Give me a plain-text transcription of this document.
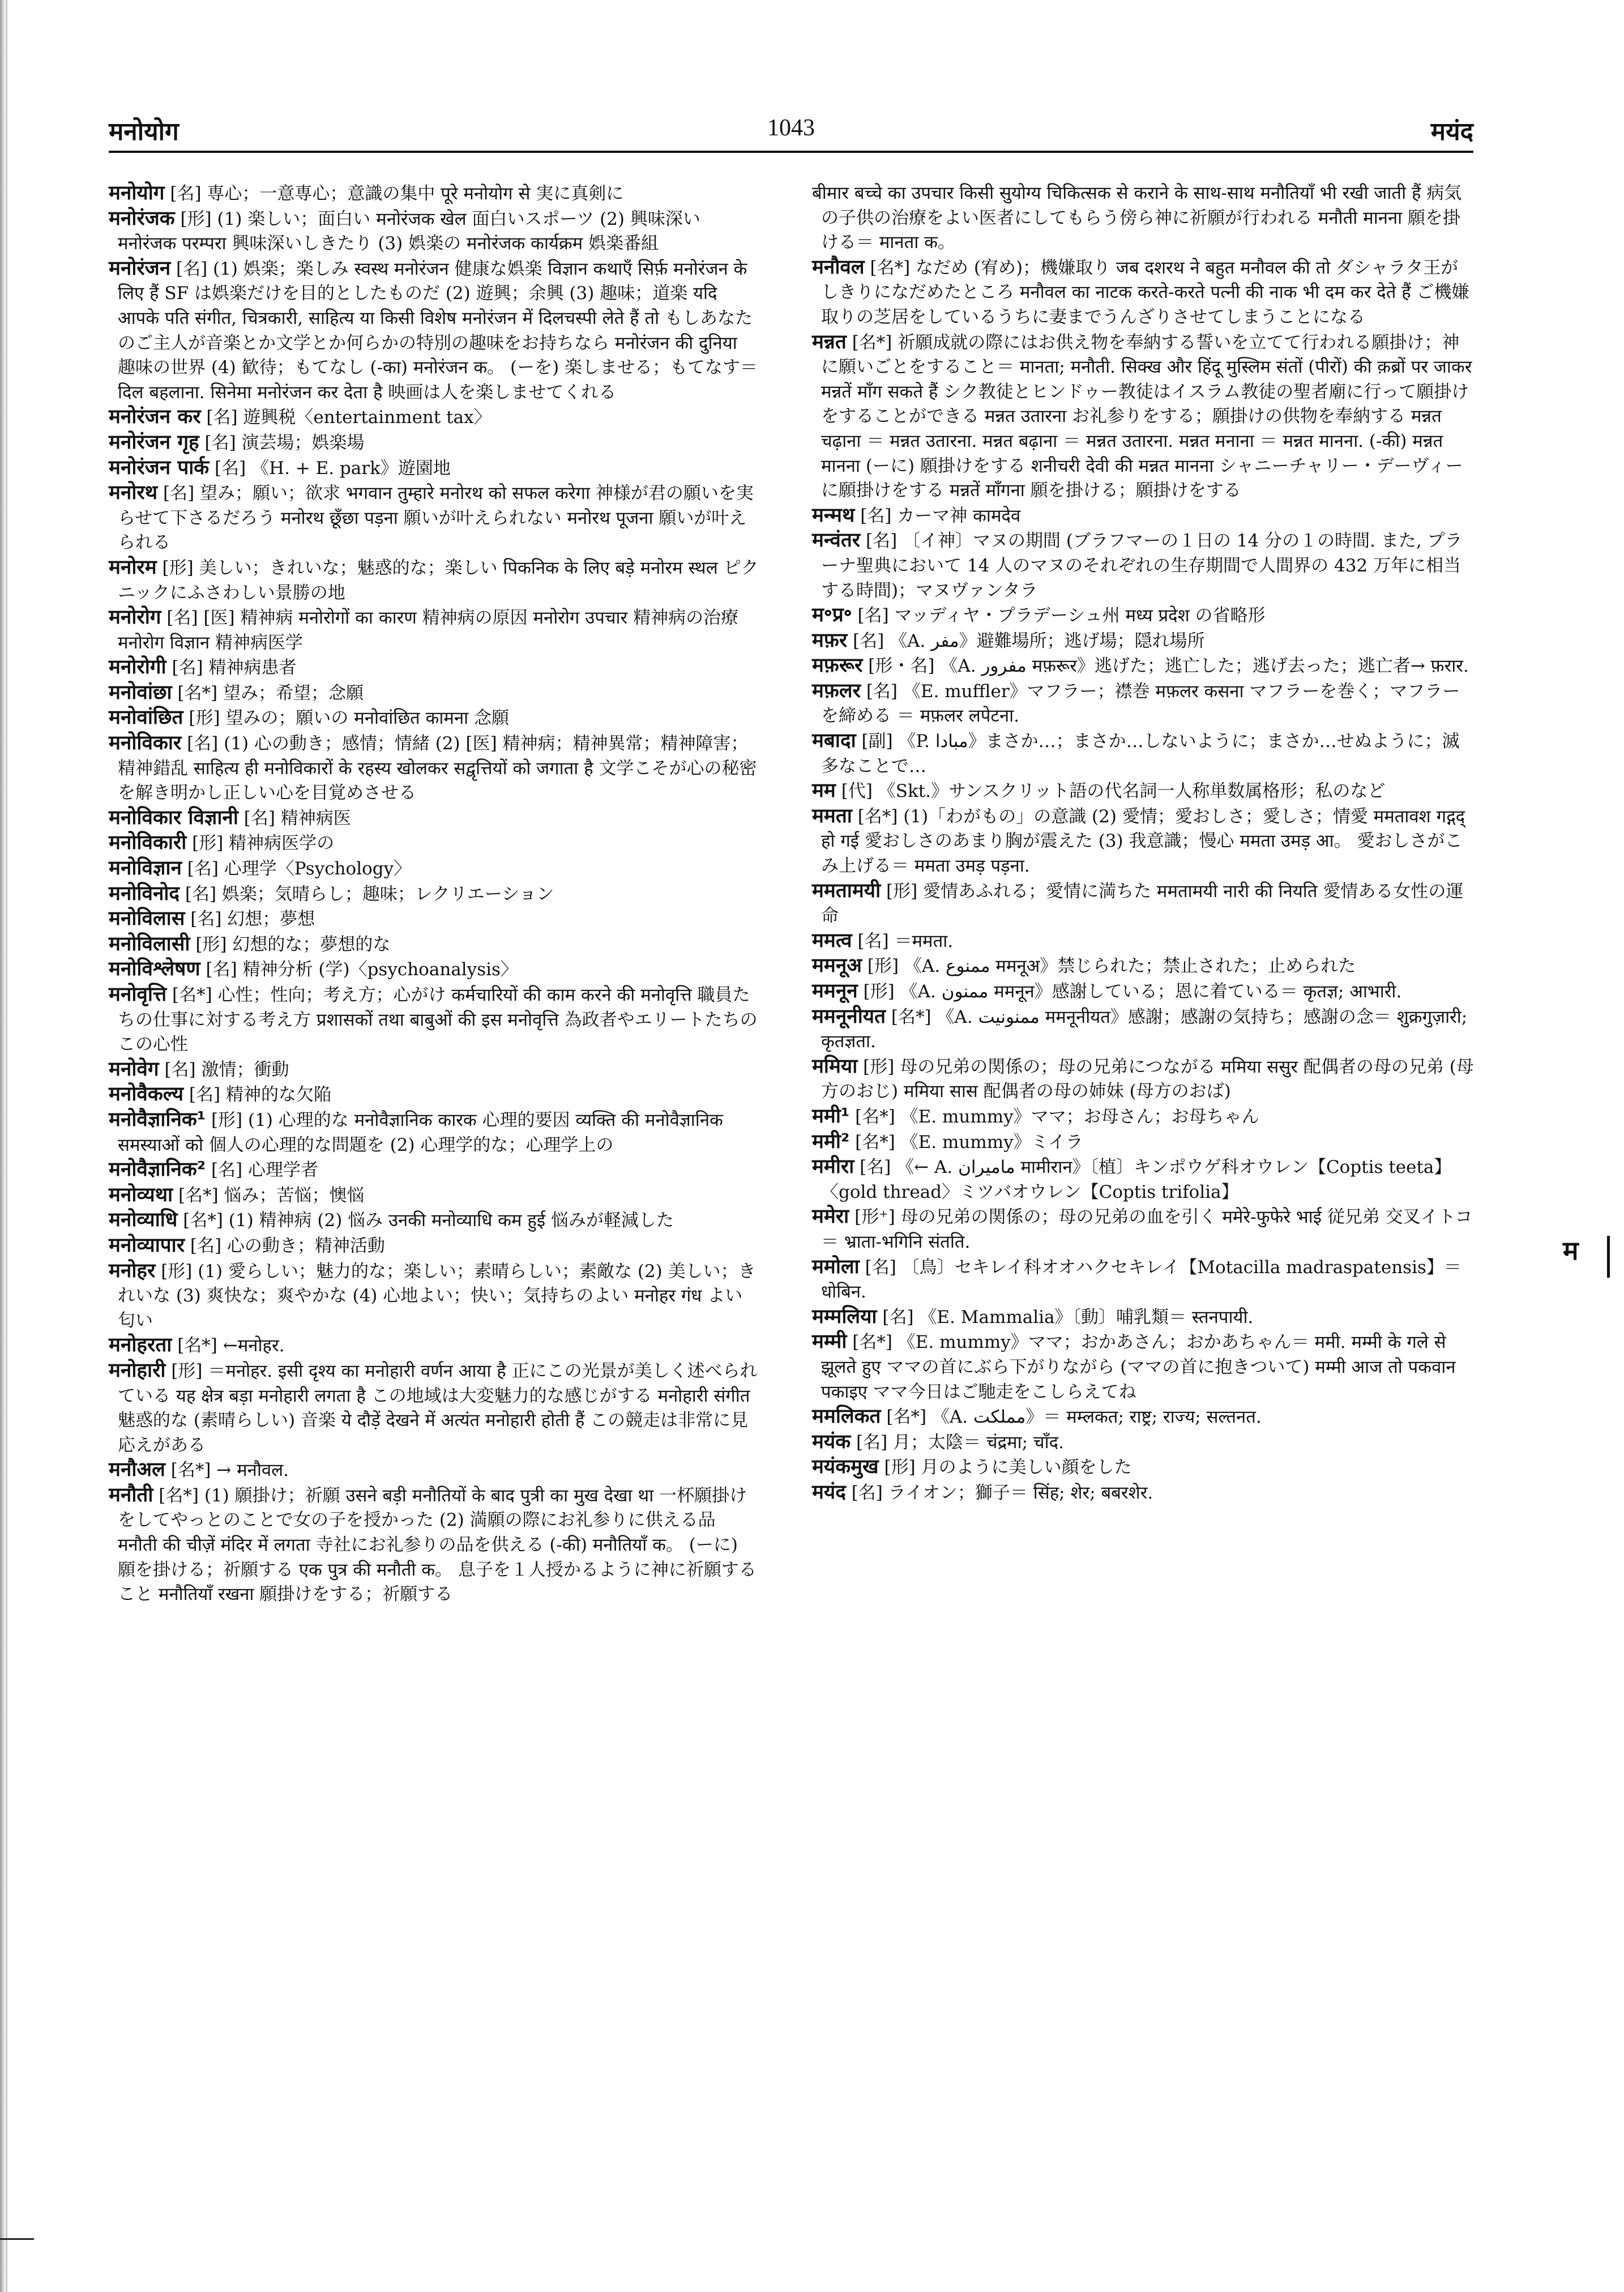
मनोयोग	1043	मयंद
मनोयोग [名] 専心；一意専心；意識の集中 पूरे मनोयोग से 実に真剣に
मनोरंजक [形] (1) 楽しい；面白い मनोरंजक खेल 面白いスポーツ (2) 興味深い मनोरंजक परम्परा 興味深いしきたり (3) 娯楽の मनोरंजक कार्यक्रम 娯楽番組
मनोरंजन [名] (1) 娯楽；楽しみ स्वस्थ मनोरंजन 健康な娯楽 विज्ञान कथाएँ सिर्फ़ मनोरंजन के लिए हैं SF は娯楽だけを目的としたものだ (2) 遊興；余興 (3) 趣味；道楽 यदि आपके पति संगीत, चित्रकारी, साहित्य या किसी विशेष मनोरंजन में दिलचस्पी लेते हैं तो もしあなたのご主人が音楽とか文学とか何らかの特別の趣味をお持ちなら मनोरंजन की दुनिया 趣味の世界 (4) 歓待；もてなし (-का) मनोरंजन क。 (ーを) 楽しませる；もてなす＝ दिल बहलाना. सिनेमा मनोरंजन कर देता है 映画は人を楽しませてくれる
मनोरंजन कर [名] 遊興税〈entertainment tax〉
मनोरंजन गृह [名] 演芸場；娯楽場
मनोरंजन पार्क [名] 《H. + E. park》遊園地
मनोरथ [名] 望み；願い；欲求 भगवान तुम्हारे मनोरथ को सफल करेगा 神様が君の願いを実らせて下さるだろう मनोरथ छूँछा पड़ना 願いが叶えられない मनोरथ पूजना 願いが叶えられる
मनोरम [形] 美しい；きれいな；魅惑的な；楽しい पिकनिक के लिए बड़े मनोरम स्थल ピクニックにふさわしい景勝の地
मनोरोग [名] [医] 精神病 मनोरोगों का कारण 精神病の原因 मनोरोग उपचार 精神病の治療 मनोरोग विज्ञान 精神病医学
मनोरोगी [名] 精神病患者
मनोवांछा [名*] 望み；希望；念願
मनोवांछित [形] 望みの；願いの मनोवांछित कामना 念願
मनोविकार [名] (1) 心の動き；感情；情緒 (2) [医] 精神病；精神異常；精神障害；精神錯乱 साहित्य ही मनोविकारों के रहस्य खोलकर सद्वृत्तियों को जगाता है 文学こそが心の秘密を解き明かし正しい心を目覚めさせる
मनोविकार विज्ञानी [名] 精神病医
मनोविकारी [形] 精神病医学の
मनोविज्ञान [名] 心理学〈Psychology〉
मनोविनोद [名] 娯楽；気晴らし；趣味；レクリエーション
मनोविलास [名] 幻想；夢想
मनोविलासी [形] 幻想的な；夢想的な
मनोविश्लेषण [名] 精神分析 (学)〈psychoanalysis〉
मनोवृत्ति [名*] 心性；性向；考え方；心がけ कर्मचारियों की काम करने की मनोवृत्ति 職員たちの仕事に対する考え方 प्रशासकों तथा बाबुओं की इस मनोवृत्ति 為政者やエリートたちのこの心性
मनोवेग [名] 激情；衝動
मनोवैकल्य [名] 精神的な欠陥
मनोवैज्ञानिक¹ [形] (1) 心理的な मनोवैज्ञानिक कारक 心理的要因 व्यक्ति की मनोवैज्ञानिक समस्याओं को 個人の心理的な問題を (2) 心理学的な；心理学上の
मनोवैज्ञानिक² [名] 心理学者
मनोव्यथा [名*] 悩み；苦悩；懊悩
मनोव्याधि [名*] (1) 精神病 (2) 悩み उनकी मनोव्याधि कम हुई 悩みが軽減した
मनोव्यापार [名] 心の動き；精神活動
मनोहर [形] (1) 愛らしい；魅力的な；楽しい；素晴らしい；素敵な (2) 美しい；きれいな (3) 爽快な；爽やかな (4) 心地よい；快い；気持ちのよい मनोहर गंध よい匂い
मनोहरता [名*] ←मनोहर.
मनोहारी [形] ＝मनोहर. इसी दृश्य का मनोहारी वर्णन आया है 正にこの光景が美しく述べられている यह क्षेत्र बड़ा मनोहारी लगता है この地域は大変魅力的な感じがする मनोहारी संगीत 魅惑的な (素晴らしい) 音楽 ये दौड़ें देखने में अत्यंत मनोहारी होती हैं この競走は非常に見応えがある
मनौअल [名*] → मनौवल.
मनौती [名*] (1) 願掛け；祈願 उसने बड़ी मनौतियों के बाद पुत्री का मुख देखा था 一杯願掛けをしてやっとのことで女の子を授かった (2) 満願の際にお礼参りに供える品 मनौती की चीज़ें मंदिर में लगता 寺社にお礼参りの品を供える (-की) मनौतियाँ क。 (ーに) 願を掛ける；祈願する एक पुत्र की मनौती क。 息子を１人授かるように神に祈願すること मनौतियाँ रखना 願掛けをする；祈願する
बीमार बच्चे का उपचार किसी सुयोग्य चिकित्सक से कराने के साथ-साथ मनौतियाँ भी रखी जाती हैं 病気の子供の治療をよい医者にしてもらう傍ら神に祈願が行われる मनौती मानना 願を掛ける＝ मानता क。
मनौवल [名*] なだめ (宥め)；機嫌取り जब दशरथ ने बहुत मनौवल की तो ダシャラタ王がしきりになだめたところ मनौवल का नाटक करते-करते पत्नी की नाक भी दम कर देते हैं ご機嫌取りの芝居をしているうちに妻までうんざりさせてしまうことになる
मन्नत [名*] 祈願成就の際にはお供え物を奉納する誓いを立てて行われる願掛け；神に願いごとをすること＝ मानता; मनौती. सिक्ख और हिंदू मुस्लिम संतों (पीरों) की क़ब्रों पर जाकर मन्नतें माँग सकते हैं シク教徒とヒンドゥー教徒はイスラム教徒の聖者廟に行って願掛けをすることができる मन्नत उतारना お礼参りをする；願掛けの供物を奉納する मन्नत चढ़ाना ＝ मन्नत उतारना. मन्नत बढ़ाना ＝ मन्नत उतारना. मन्नत मनाना ＝ मन्नत मानना. (-की) मन्नत मानना (ーに) 願掛けをする शनीचरी देवी की मन्नत मानना シャニーチャリー・デーヴィーに願掛けをする मन्नतें माँगना 願を掛ける；願掛けをする
मन्मथ [名] カーマ神 कामदेव
मन्वंतर [名] 〔イ神〕マヌの期間 (ブラフマーの１日の 14 分の１の時間. また, プラーナ聖典において 14 人のマヌのそれぞれの生存期間で人間界の 432 万年に相当する時間)；マヌヴァンタラ
म॰प्र॰ [名] マッディヤ・プラデーシュ州 मध्य प्रदेश の省略形
मफ़र [名] 《A. مفر》避難場所；逃げ場；隠れ場所
मफ़रूर [形・名] 《A. مفرور मफ़रूर》逃げた；逃亡した；逃げ去った；逃亡者→ फ़रार.
मफ़लर [名] 《E. muffler》マフラー；襟巻 मफ़लर कसना マフラーを巻く；マフラーを締める ＝ मफ़लर लपेटना.
मबादा [副] 《P. مبادا》まさか…；まさか…しないように；まさか…せぬように；滅多なことで…
मम [代] 《Skt.》サンスクリット語の代名詞一人称単数属格形；私のなど
ममता [名*] (1)「わがもの」の意識 (2) 愛情；愛おしさ；愛しさ；情愛 ममतावश गद्गद् हो गई 愛おしさのあまり胸が震えた (3) 我意識；慢心 ममता उमड़ आ。 愛おしさがこみ上げる＝ ममता उमड़ पड़ना.
ममतामयी [形] 愛情あふれる；愛情に満ちた ममतामयी नारी की नियति 愛情ある女性の運命
ममत्व [名] ＝ममता.
ममनूअ [形] 《A. ممنوع ममनूअ》禁じられた；禁止された；止められた
ममनून [形] 《A. ممنون ममनून》感謝している；恩に着ている＝ कृतज्ञ; आभारी.
ममनूनीयत [名*] 《A. ممنونیت ममनूनीयत》感謝；感謝の気持ち；感謝の念＝ शुक्रगुज़ारी; कृतज्ञता.
ममिया [形] 母の兄弟の関係の；母の兄弟につながる ममिया ससुर 配偶者の母の兄弟 (母方のおじ) ममिया सास 配偶者の母の姉妹 (母方のおば)
ममी¹ [名*] 《E. mummy》ママ；お母さん；お母ちゃん
ममी² [名*] 《E. mummy》ミイラ
ममीरा [名] 《← A. ماميران मामीरान》〔植〕キンポウゲ科オウレン【Coptis teeta】〈gold thread〉ミツバオウレン【Coptis trifolia】
ममेरा [形⁺] 母の兄弟の関係の；母の兄弟の血を引く ममेरे-फुफेरे भाई 従兄弟 交叉イトコ＝ भ्राता-भगिनि संतति.
ममोला [名] 〔鳥〕セキレイ科オオハクセキレイ【Motacilla madraspatensis】＝ धोबिन.
मम्मलिया [名] 《E. Mammalia》〔動〕哺乳類＝ स्तनपायी.
मम्मी [名*] 《E. mummy》ママ；おかあさん；おかあちゃん＝ ममी. मम्मी के गले से झूलते हुए ママの首にぶら下がりながら (ママの首に抱きついて) मम्मी आज तो पकवान पकाइए ママ今日はご馳走をこしらえてね
ममलिकत [名*] 《A. مملكت》＝ मम्लकत; राष्ट्र; राज्य; सल्तनत.
मयंक [名] 月；太陰＝ चंद्रमा; चाँद.
मयंकमुख [形] 月のように美しい顔をした
मयंद [名] ライオン；獅子＝ सिंह; शेर; बबरशेर.
म
